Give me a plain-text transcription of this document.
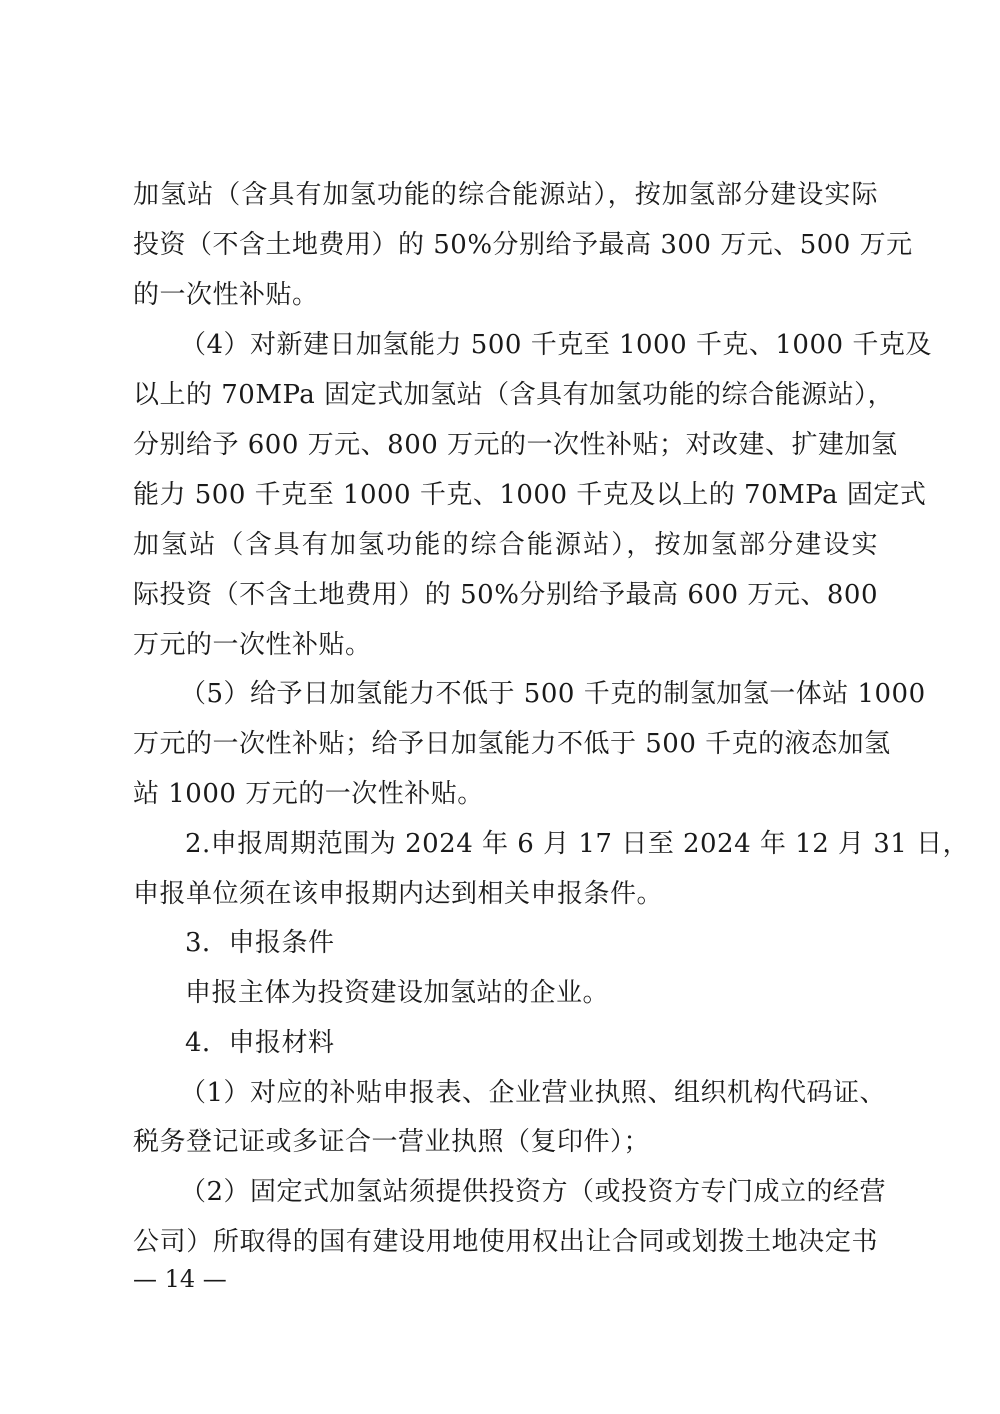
加氢站（含具有加氢功能的综合能源站），按加氢部分建设实际
投资（不含土地费用）的 50%分别给予最高 300 万元、500 万元
的一次性补贴。
（4）对新建日加氢能力 500 千克至 1000 千克、1000 千克及
以上的 70MPa 固定式加氢站（含具有加氢功能的综合能源站），
分别给予 600 万元、800 万元的一次性补贴；对改建、扩建加氢
能力 500 千克至 1000 千克、1000 千克及以上的 70MPa 固定式
加氢站（含具有加氢功能的综合能源站），按加氢部分建设实
际投资（不含土地费用）的 50%分别给予最高 600 万元、800
万元的一次性补贴。
（5）给予日加氢能力不低于 500 千克的制氢加氢一体站 1000
万元的一次性补贴；给予日加氢能力不低于 500 千克的液态加氢
站 1000 万元的一次性补贴。
2.申报周期范围为 2024 年 6 月 17 日至 2024 年 12 月 31 日，
申报单位须在该申报期内达到相关申报条件。
3．申报条件
申报主体为投资建设加氢站的企业。
4．申报材料
（1）对应的补贴申报表、企业营业执照、组织机构代码证、
税务登记证或多证合一营业执照（复印件）；
（2）固定式加氢站须提供投资方（或投资方专门成立的经营
公司）所取得的国有建设用地使用权出让合同或划拨土地决定书
— 14 —
